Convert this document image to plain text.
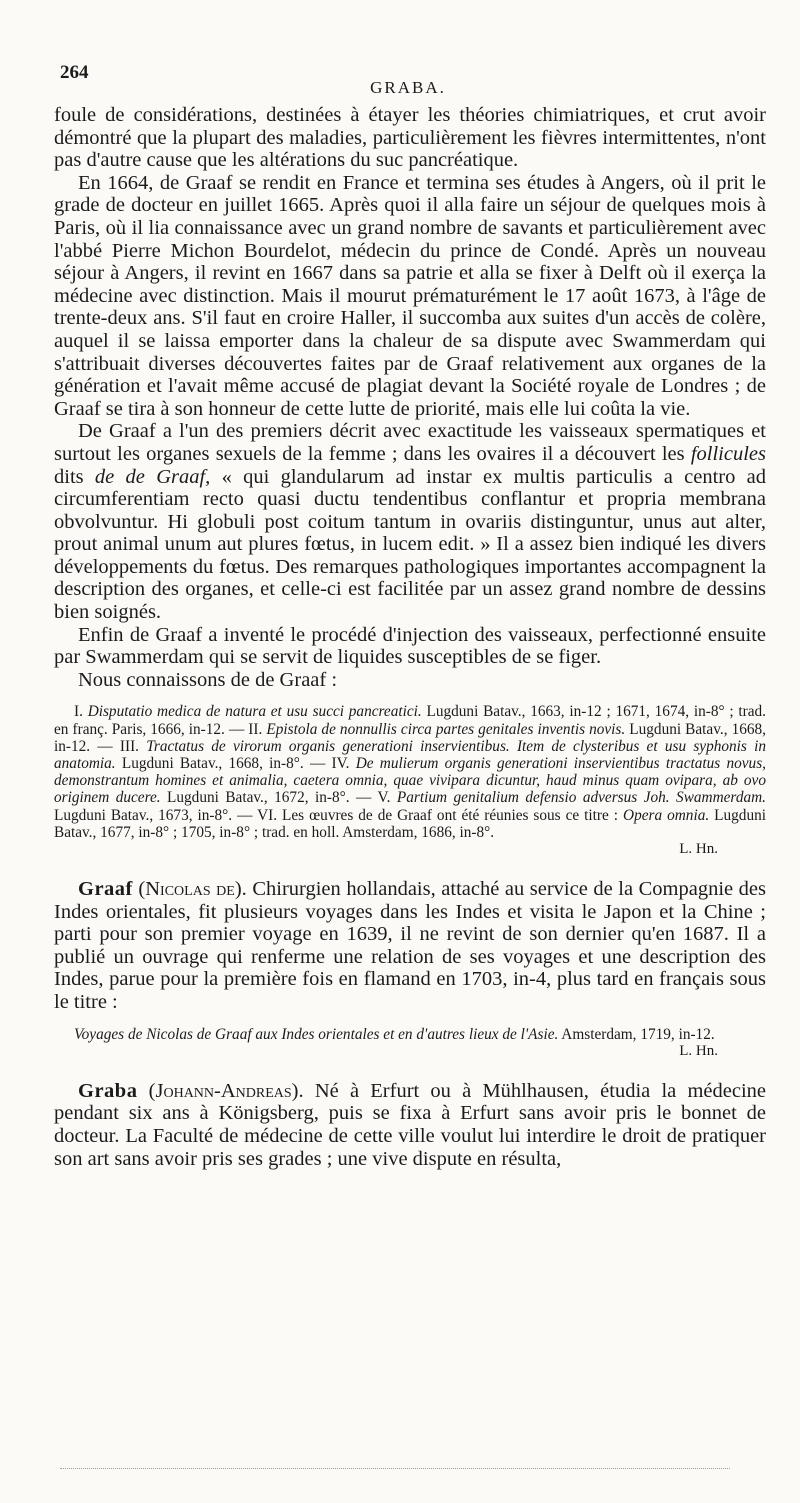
264
GRABA.

foule de considérations, destinées à étayer les théories chimiatriques, et crut avoir démontré que la plupart des maladies, particulièrement les fièvres intermittentes, n'ont pas d'autre cause que les altérations du suc pancréatique.

En 1664, de Graaf se rendit en France et termina ses études à Angers, où il prit le grade de docteur en juillet 1665. Après quoi il alla faire un séjour de quelques mois à Paris, où il lia connaissance avec un grand nombre de savants et particulièrement avec l'abbé Pierre Michon Bourdelot, médecin du prince de Condé. Après un nouveau séjour à Angers, il revint en 1667 dans sa patrie et alla se fixer à Delft où il exerça la médecine avec distinction. Mais il mourut prématurément le 17 août 1673, à l'âge de trente-deux ans. S'il faut en croire Haller, il succomba aux suites d'un accès de colère, auquel il se laissa emporter dans la chaleur de sa dispute avec Swammerdam qui s'attribuait diverses découvertes faites par de Graaf relativement aux organes de la génération et l'avait même accusé de plagiat devant la Société royale de Londres ; de Graaf se tira à son honneur de cette lutte de priorité, mais elle lui coûta la vie.

De Graaf a l'un des premiers décrit avec exactitude les vaisseaux spermatiques et surtout les organes sexuels de la femme ; dans les ovaires il a découvert les follicules dits de de Graaf, « qui glandularum ad instar ex multis particulis a centro ad circumferentiam recto quasi ductu tendentibus conflantur et propria membrana obvolvuntur. Hi globuli post coitum tantum in ovariis distinguntur, unus aut alter, prout animal unum aut plures fœtus, in lucem edit. » Il a assez bien indiqué les divers développements du fœtus. Des remarques pathologiques importantes accompagnent la description des organes, et celle-ci est facilitée par un assez grand nombre de dessins bien soignés.

Enfin de Graaf a inventé le procédé d'injection des vaisseaux, perfectionné ensuite par Swammerdam qui se servit de liquides susceptibles de se figer.

Nous connaissons de de Graaf :

I. Disputatio medica de natura et usu succi pancreatici. Lugduni Batav., 1663, in-12 ; 1671, 1674, in-8° ; trad. en franç. Paris, 1666, in-12. — II. Epistola de nonnullis circa partes genitales inventis novis. Lugduni Batav., 1668, in-12. — III. Tractatus de virorum organis generationi inservientibus. Item de clysteribus et usu syphonis in anatomia. Lugduni Batav., 1668, in-8°. — IV. De mulierum organis generationi inservientibus tractatus novus, demonstrantum homines et animalia, caetera omnia, quae vivipara dicuntur, haud minus quam ovipara, ab ovo originem ducere. Lugduni Batav., 1672, in-8°. — V. Partium genitalium defensio adversus Joh. Swammerdam. Lugduni Batav., 1673, in-8°. — VI. Les œuvres de de Graaf ont été réunies sous ce titre : Opera omnia. Lugduni Batav., 1677, in-8° ; 1705, in-8° ; trad. en holl. Amsterdam, 1686, in-8°.

L. Hn.

Graaf (Nicolas de). Chirurgien hollandais, attaché au service de la Compagnie des Indes orientales, fit plusieurs voyages dans les Indes et visita le Japon et la Chine ; parti pour son premier voyage en 1639, il ne revint de son dernier qu'en 1687. Il a publié un ouvrage qui renferme une relation de ses voyages et une description des Indes, parue pour la première fois en flamand en 1703, in-4, plus tard en français sous le titre :

Voyages de Nicolas de Graaf aux Indes orientales et en d'autres lieux de l'Asie. Amsterdam, 1719, in-12.

L. Hn.

Graba (Johann-Andreas). Né à Erfurt ou à Mühlhausen, étudia la médecine pendant six ans à Königsberg, puis se fixa à Erfurt sans avoir pris le bonnet de docteur. La Faculté de médecine de cette ville voulut lui interdire le droit de pratiquer son art sans avoir pris ses grades ; une vive dispute en résulta,
